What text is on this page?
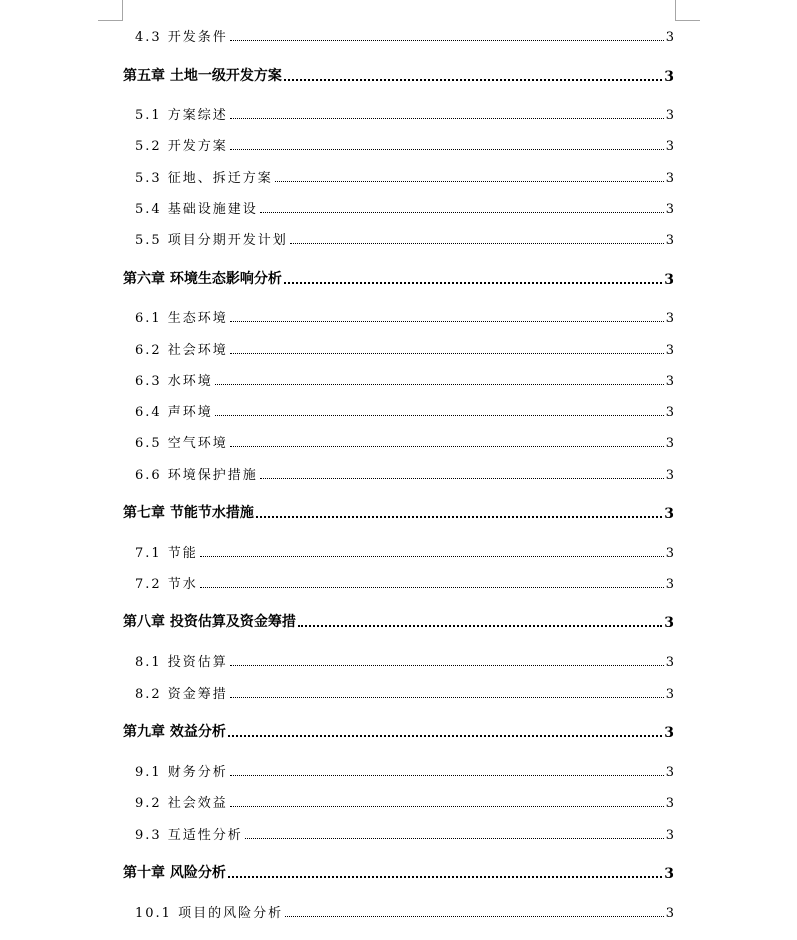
4.3 开发条件	3
第五章 土地一级开发方案	3
5.1 方案综述	3
5.2 开发方案	3
5.3 征地、拆迁方案	3
5.4 基础设施建设	3
5.5 项目分期开发计划	3
第六章 环境生态影响分析	3
6.1 生态环境	3
6.2 社会环境	3
6.3 水环境	3
6.4 声环境	3
6.5 空气环境	3
6.6 环境保护措施	3
第七章 节能节水措施	3
7.1 节能	3
7.2 节水	3
第八章 投资估算及资金筹措	3
8.1 投资估算	3
8.2 资金筹措	3
第九章 效益分析	3
9.1 财务分析	3
9.2 社会效益	3
9.3 互适性分析	3
第十章 风险分析	3
10.1 项目的风险分析	3
